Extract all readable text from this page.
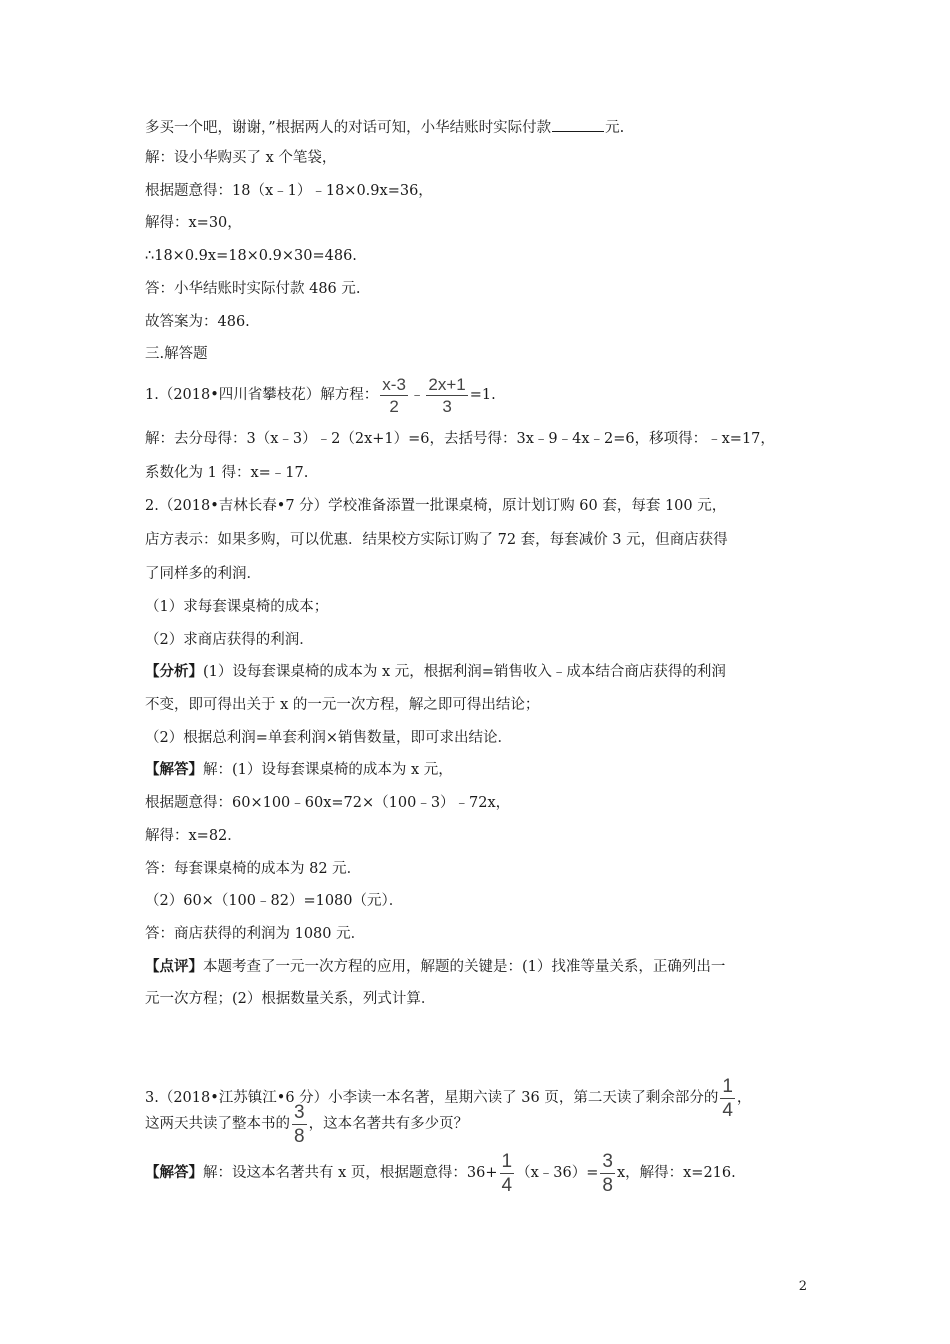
多买一个吧，谢谢，”根据两人的对话可知，小华结账时实际付款	元.
解：设小华购买了 x 个笔袋，
根据题意得：18（x﹣1）﹣18×0.9x=36，
解得：x=30，
∴18×0.9x=18×0.9×30=486.
答：小华结账时实际付款 486 元.
故答案为：486.
三.解答题
1.（2018•四川省攀枝花）解方程： $\frac{x-3}{2}$ ﹣ $\frac{2x+1}{3} =1$.
解：去分母得：3（x﹣3）﹣2（2x+1）=6，去括号得：3x﹣9﹣4x﹣2=6，移项得：﹣x=17，
系数化为 1 得：x=﹣17.
2.（2018•吉林长春•7 分）学校准备添置一批课桌椅，原计划订购 60 套，每套 100 元，
店方表示：如果多购，可以优惠．结果校方实际订购了 72 套，每套减价 3 元，但商店获得
了同样多的利润．
（1）求每套课桌椅的成本；
（2）求商店获得的利润．
【分析】(1）设每套课桌椅的成本为 x 元，根据利润=销售收入﹣成本结合商店获得的利润
不变，即可得出关于 x 的一元一次方程，解之即可得出结论；
（2）根据总利润=单套利润×销售数量，即可求出结论．
【解答】解：(1）设每套课桌椅的成本为 x 元，
根据题意得：60×100﹣60x=72×（100﹣3）﹣72x，
解得：x=82．
答：每套课桌椅的成本为 82 元．
（2）60×（100﹣82）=1080（元）．
答：商店获得的利润为 1080 元．
【点评】本题考查了一元一次方程的应用，解题的关键是：(1）找准等量关系，正确列出一
元一次方程；(2）根据数量关系，列式计算．
3.（2018•江苏镇江•6 分）小李读一本名著，星期六读了 36 页，第二天读了剩余部分的 $\frac{1}{4}$ ，
这两天共读了整本书的 $\frac{3}{8}$ ，这本名著共有多少页？
【解答】解：设这本名著共有 x 页，根据题意得：$36+ \frac{1}{4}$ （x﹣36）= $\frac{3}{8}$ x，解得：x=216.
2
